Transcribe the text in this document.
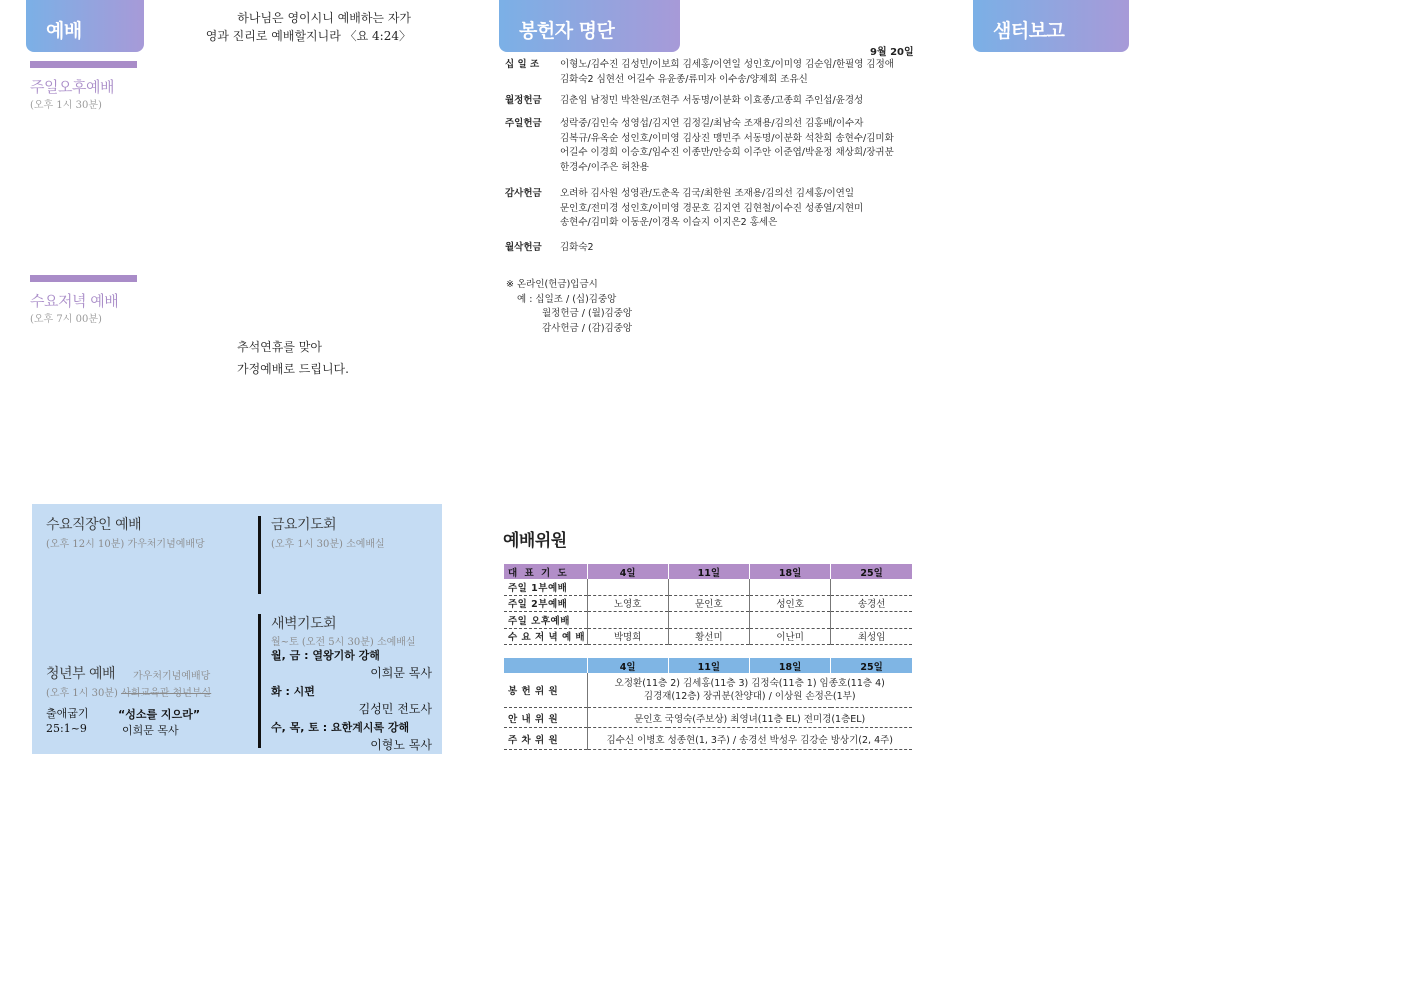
예배	봉헌자 명단	샘터보고
하나님은 영이시니 예배하는 자가
영과 진리로 예배할지니라 〈요 4:24〉
주일오후예배
(오후 1시 30분)
수요저녁 예배
(오후 7시 00분)
추석연휴를 맞아
가정예배로 드립니다.
9월 20일
십 일 조	이형노/김수진 김성민/이보희 김세홍/이연일 성인호/이미영 김순임/한필영 김정애
김화숙2 심현선 어길수 유윤종/류미자 이수송/양제희 조유신
월정헌금	김춘임 남정민 박찬원/조현주 서동명/이분화 이효종/고종희 주인섭/윤경성
주일헌금	성락중/김인숙 성영섭/김지연 김정길/최남숙 조재용/김의선 김홍배/이수자
김복규/유옥순 성인호/이미영 김상진 맹민주 서동명/이분화 석찬희 송현수/김미화
어길수 이경희 이승호/임수진 이종만/안승희 이주안 이준엽/박윤정 채상희/장귀분
한경수/이주은 허찬용
감사헌금	오려하 김사원 성영관/도춘옥 김국/최한원 조재용/김의선 김세홍/이연일
문인호/전미경 성인호/이미영 경문호 김지연 김현철/이수진 성종열/지현미
송현수/김미화 이동운/이경옥 이슬지 이지은2 홍세은
월삭헌금	김화숙2
※ 온라인(헌금)입금시
예 : 십일조 / (십)김중앙
월정헌금 / (월)김중앙
감사헌금 / (감)김중앙
수요직장인 예배
(오후 12시 10분) 가우처기념예배당
금요기도회
(오후 1시 30분) 소예배실
새벽기도회
월~토 (오전 5시 30분) 소예배실
월, 금 : 열왕기하 강해
이희문 목사
화 : 시편
김성민 전도사
수, 목, 토 : 요한계시록 강해
이형노 목사
청년부 예배 가우처기념예배당
(오후 1시 30분) 사회교육관 청년부실
출애굽기
25:1~9
“성소를 지으라”
이희문 목사
예배위원
대 표 기 도	4일	11일	18일	25일
주일 1부예배				
주일 2부예배	노영호	문인호	성인호	송경선
주일 오후예배				
수 요 저 녁 예 배	박명희	황선미	이난미	최성임
	4일	11일	18일	25일
봉 헌 위 원	오정환(11층 2) 김세홍(11층 3) 김정숙(11층 1) 임종호(11층 4)
김경재(12층) 장귀분(찬양대) / 이상원 손정은(1부)			

안 내 위 원	문인호 국영숙(주보상) 최영녀(11층 EL) 전미경(1층EL)			
주 차 위 원	김수신 이병호 성종현(1, 3주) / 송경선 박성우 김강순 방상기(2, 4주)			
